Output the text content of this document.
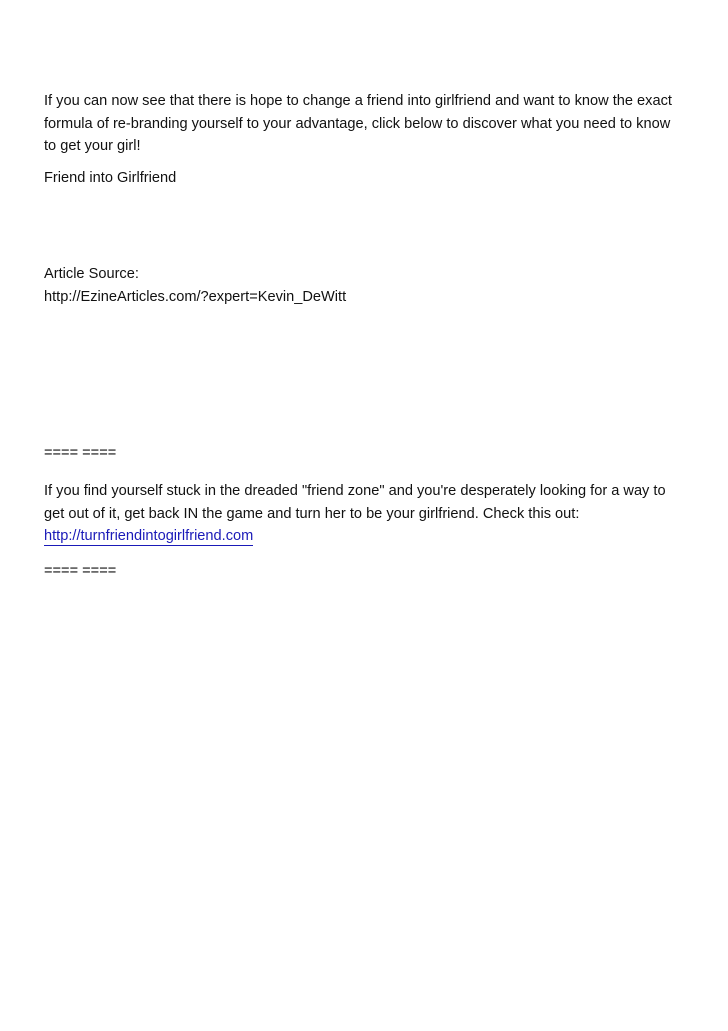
If you can now see that there is hope to change a friend into girlfriend and want to know the exact
formula of re-branding yourself to your advantage, click below to discover what you need to know
to get your girl!
Friend into Girlfriend
Article Source:
http://EzineArticles.com/?expert=Kevin_DeWitt
==== ====
If you find yourself stuck in the dreaded "friend zone" and you're desperately looking for a way to
get out of it, get back IN the game and turn her to be your girlfriend. Check this out:
http://turnfriendintogirlfriend.com
==== ====
